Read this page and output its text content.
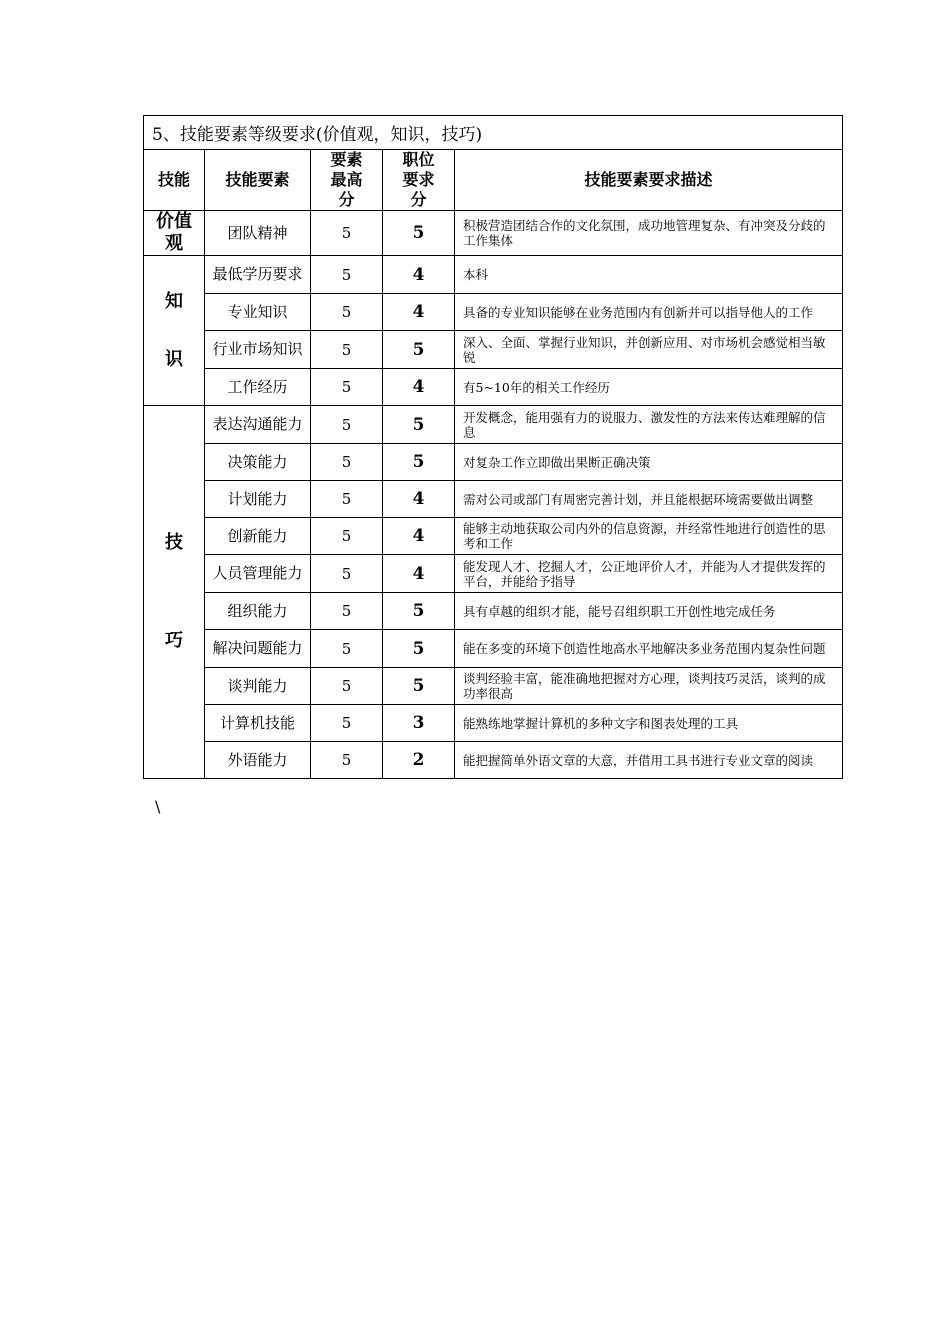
5、技能要素等级要求(价值观，知识，技巧)				
技能	技能要素	要素最高分	职位要求分	技能要素要求描述

价值观	团队精神	5	5	积极营造团结合作的文化氛围，成功地管理复杂、有冲突及分歧的工作集体

知
识	最低学历要求	5	4	本科
	专业知识	5	4	具备的专业知识能够在业务范围内有创新并可以指导他人的工作
	行业市场知识	5	5	深入、全面、掌握行业知识，并创新应用、对市场机会感觉相当敏锐
	工作经历	5	4	有5~10年的相关工作经历

技
巧	表达沟通能力	5	5	开发概念，能用强有力的说服力、激发性的方法来传达难理解的信息
	决策能力	5	5	对复杂工作立即做出果断正确决策
	计划能力	5	4	需对公司或部门有周密完善计划，并且能根据环境需要做出调整
	创新能力	5	4	能够主动地获取公司内外的信息资源，并经常性地进行创造性的思考和工作
	人员管理能力	5	4	能发现人才、挖掘人才，公正地评价人才，并能为人才提供发挥的平台，并能给予指导
	组织能力	5	5	具有卓越的组织才能，能号召组织职工开创性地完成任务
	解决问题能力	5	5	能在多变的环境下创造性地高水平地解决多业务范围内复杂性问题
	谈判能力	5	5	谈判经验丰富，能准确地把握对方心理，谈判技巧灵活，谈判的成功率很高
	计算机技能	5	3	能熟练地掌握计算机的多种文字和图表处理的工具
	外语能力	5	2	能把握简单外语文章的大意，并借用工具书进行专业文章的阅读
\
